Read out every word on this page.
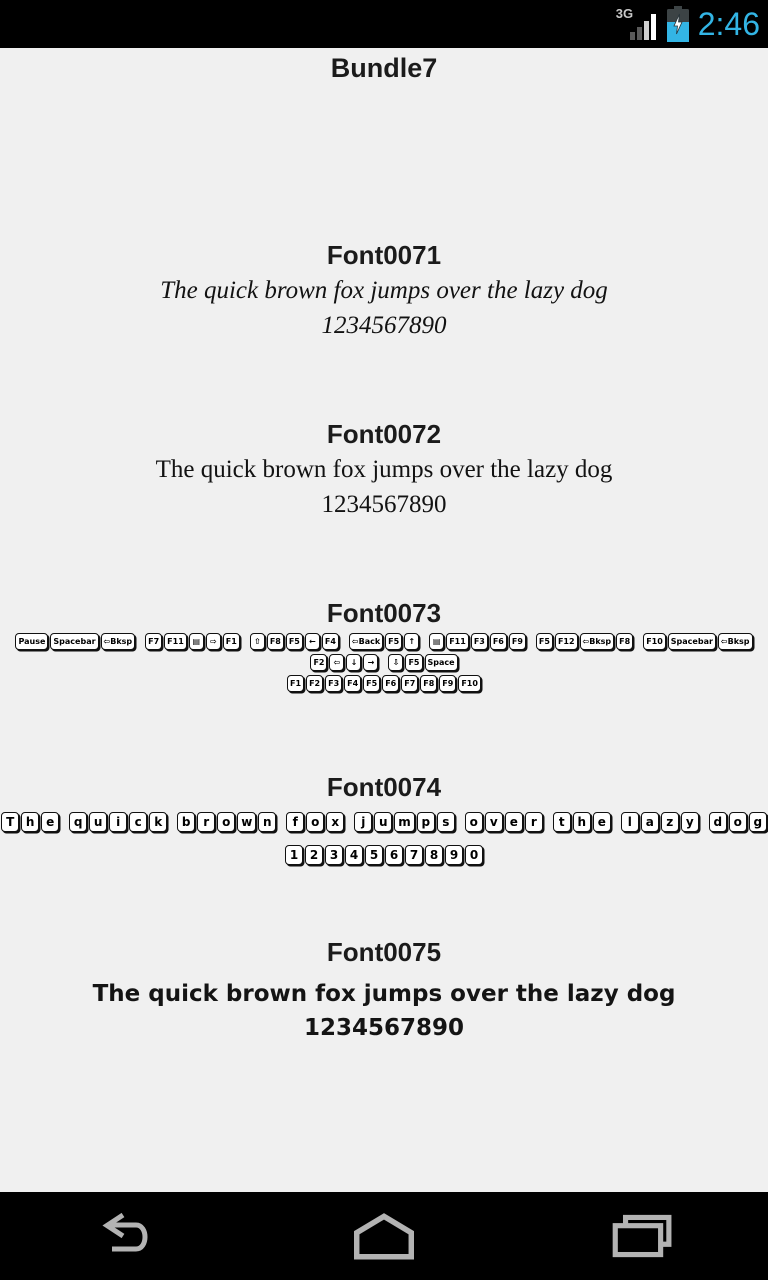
3G 2:46
Bundle7
Font0071
The quick brown fox jumps over the lazy dog
1234567890
Font0072
The quick brown fox jumps over the lazy dog
1234567890
Font0073
Pause Spacebar ⇦Bksp F7 F11 ▤ ⇨ F1 ⇧ F8 F5 ← F4 ⇦Back F5 ↑ ▤ F11 F3 F6 F9 F5 F12 ⇦Bksp F8 F10 Spacebar ⇦Bksp
F2 ⇦ ↓ → ⇩ F5 Space
F1 F2 F3 F4 F5 F6 F7 F8 F9 F10
Font0074
T h e q u i c k b r o w n f o x j u m p s o v e r t h e l a z y d o g
1 2 3 4 5 6 7 8 9 0
Font0075
The quick brown fox jumps over the lazy dog
1234567890
